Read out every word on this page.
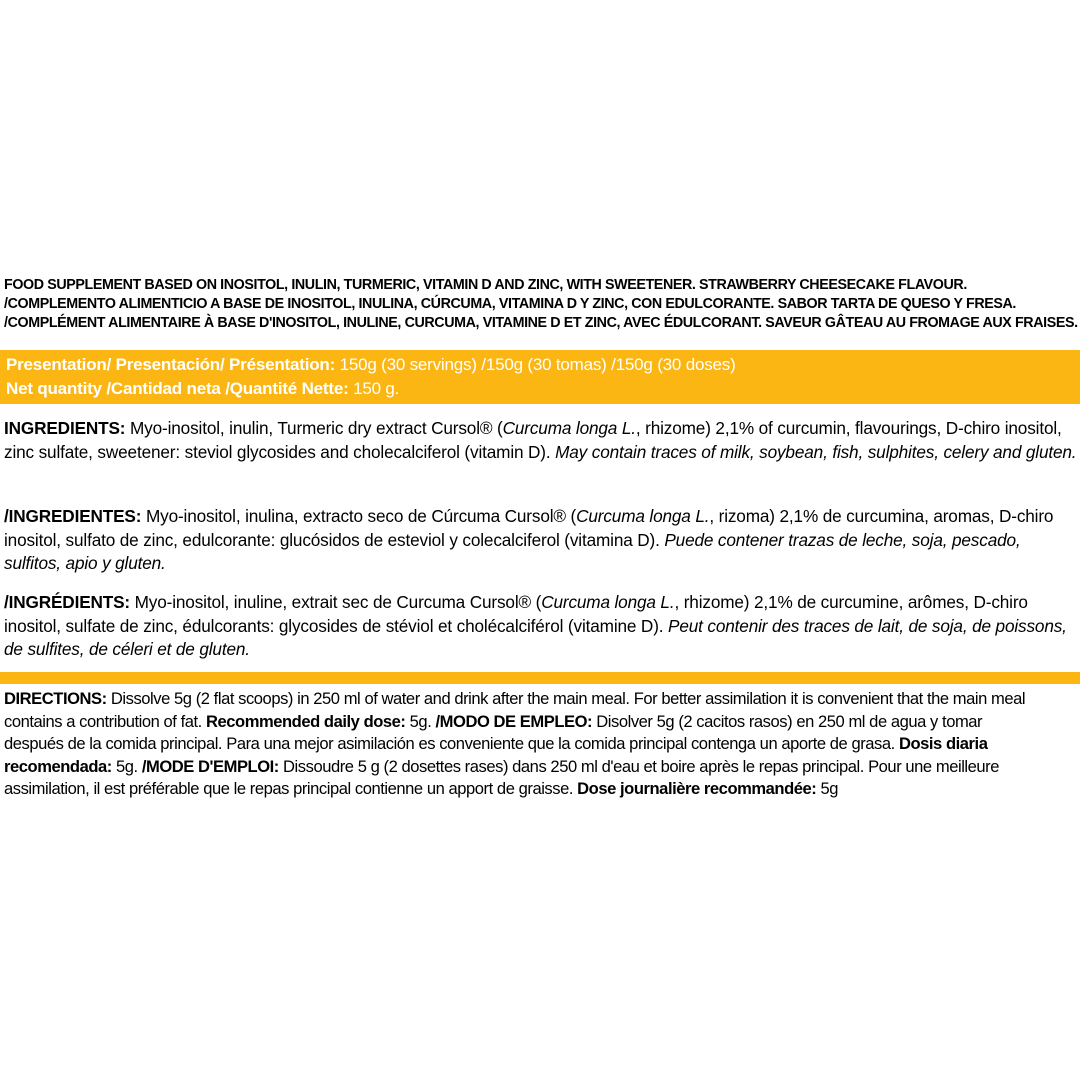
FOOD SUPPLEMENT BASED ON INOSITOL, INULIN, TURMERIC, VITAMIN D AND ZINC, WITH SWEETENER. STRAWBERRY CHEESECAKE FLAVOUR.
/COMPLEMENTO ALIMENTICIO A BASE DE INOSITOL, INULINA, CÚRCUMA, VITAMINA D Y ZINC, CON EDULCORANTE. SABOR TARTA DE QUESO Y FRESA.
/COMPLÉMENT ALIMENTAIRE À BASE D'INOSITOL, INULINE, CURCUMA, VITAMINE D ET ZINC, AVEC ÉDULCORANT. SAVEUR GÂTEAU AU FROMAGE AUX FRAISES.
Presentation/ Presentación/ Présentation: 150g (30 servings) /150g (30 tomas) /150g (30 doses)
Net quantity /Cantidad neta /Quantité Nette: 150 g.
INGREDIENTS: Myo-inositol, inulin, Turmeric dry extract Cursol® (Curcuma longa L., rhizome) 2,1% of curcumin, flavourings, D-chiro inositol, zinc sulfate, sweetener: steviol glycosides and cholecalciferol (vitamin D). May contain traces of milk, soybean, fish, sulphites, celery and gluten.
/INGREDIENTES: Myo-inositol, inulina, extracto seco de Cúrcuma Cursol® (Curcuma longa L., rizoma) 2,1% de curcumina, aromas, D-chiro inositol, sulfato de zinc, edulcorante: glucósidos de esteviol y colecalciferol (vitamina D). Puede contener trazas de leche, soja, pescado, sulfitos, apio y gluten.
/INGRÉDIENTS: Myo-inositol, inuline, extrait sec de Curcuma Cursol® (Curcuma longa L., rhizome) 2,1% de curcumine, arômes, D-chiro inositol, sulfate de zinc, édulcorants: glycosides de stéviol et cholécalciférol (vitamine D). Peut contenir des traces de lait, de soja, de poissons, de sulfites, de céleri et de gluten.
DIRECTIONS: Dissolve 5g (2 flat scoops) in 250 ml of water and drink after the main meal. For better assimilation it is convenient that the main meal
contains a contribution of fat. Recommended daily dose: 5g. /MODO DE EMPLEO: Disolver 5g (2 cacitos rasos) en 250 ml de agua y tomar
después de la comida principal. Para una mejor asimilación es conveniente que la comida principal contenga un aporte de grasa. Dosis diaria
recomendada: 5g. /MODE D'EMPLOI: Dissoudre 5 g (2 dosettes rases) dans 250 ml d'eau et boire après le repas principal. Pour une meilleure
assimilation, il est préférable que le repas principal contienne un apport de graisse. Dose journalière recommandée: 5g
